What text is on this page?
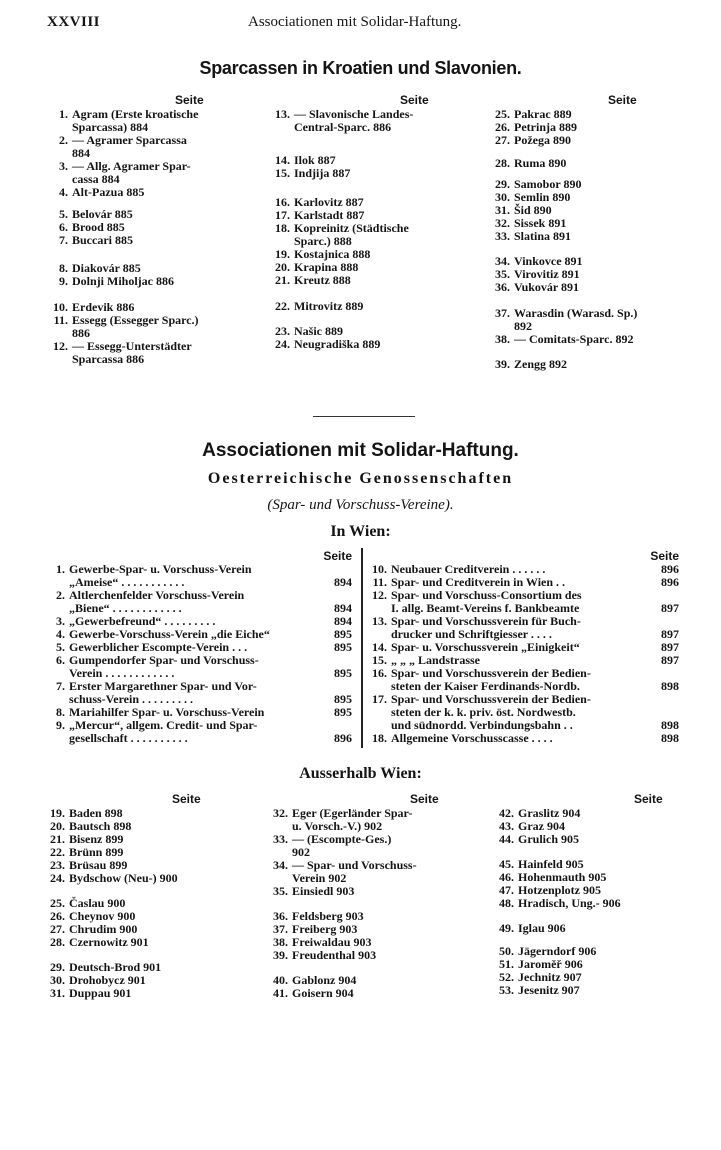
XXVIII	Associationen mit Solidar-Haftung.
Sparcassen in Kroatien und Slavonien.
Seite
1. Agram (Erste kroatische
Sparcassa) 884
2. — Agramer Sparcassa
884
3. — Allg. Agramer Spar-
cassa 884
4. Alt-Pazua 885
5. Belovár 885
6. Brood 885
7. Buccari 885
8. Diakovár 885
9. Dolnji Miholjac 886
10. Erdevik 886
11. Essegg (Essegger Sparc.)
886
12. — Essegg-Unterstädter
Sparcassa 886
Seite
13. — Slavonische Landes-
Central-Sparc. 886
14. Ilok 887
15. Indjija 887
16. Karlovitz 887
17. Karlstadt 887
18. Kopreinitz (Städtische
Sparc.) 888
19. Kostajnica 888
20. Krapina 888
21. Kreutz 888
22. Mitrovitz 889
23. Našic 889
24. Neugradiška 889
Seite
25. Pakrac 889
26. Petrinja 889
27. Požega 890
28. Ruma 890
29. Samobor 890
30. Semlin 890
31. Šid 890
32. Sissek 891
33. Slatina 891
34. Vinkovce 891
35. Virovitiz 891
36. Vukovár 891
37. Warasdin (Warasd. Sp.)
892
38. — Comitats-Sparc. 892
39. Zengg 892
Associationen mit Solidar-Haftung.
Oesterreichische Genossenschaften
(Spar- und Vorschuss-Vereine).
In Wien:
Seite
1. Gewerbe-Spar- u. Vorschuss-Verein
„Ameise“ . . . . . . . . . . .	894
2. Altlerchenfelder Vorschuss-Verein
„Biene“ . . . . . . . . . . . .	894
3. „Gewerbefreund“ . . . . . . . . .	894
4. Gewerbe-Vorschuss-Verein „die Eiche“	895
5. Gewerblicher Escompte-Verein . . .	895
6. Gumpendorfer Spar- und Vorschuss-
Verein . . . . . . . . . . . .	895
7. Erster Margarethner Spar- und Vor-
schuss-Verein . . . . . . . . .	895
8. Mariahilfer Spar- u. Vorschuss-Verein	895
9. „Mercur“, allgem. Credit- und Spar-
gesellschaft . . . . . . . . . .	896
Seite
10. Neubauer Creditverein . . . . . .	896
11. Spar- und Creditverein in Wien . .	896
12. Spar- und Vorschuss-Consortium des
I. allg. Beamt-Vereins f. Bankbeamte	897
13. Spar- und Vorschussverein für Buch-
drucker und Schriftgiesser . . . .	897
14. Spar- u. Vorschussverein „Einigkeit“	897
15. „ „ „ Landstrasse	897
16. Spar- und Vorschussverein der Bedien-
steten der Kaiser Ferdinands-Nordb.	898
17. Spar- und Vorschussverein der Bedien-
steten der k. k. priv. öst. Nordwestb.
und südnordd. Verbindungsbahn . .	898
18. Allgemeine Vorschusscasse . . . .	898
Ausserhalb Wien:
Seite
19. Baden 898
20. Bautsch 898
21. Bisenz 899
22. Brünn 899
23. Brüsau 899
24. Bydschow (Neu-) 900
25. Časlau 900
26. Cheynov 900
27. Chrudim 900
28. Czernowitz 901
29. Deutsch-Brod 901
30. Drohobycz 901
31. Duppau 901
Seite
32. Eger (Egerländer Spar-
u. Vorsch.-V.) 902
33. — (Escompte-Ges.)
902
34. — Spar- und Vorschuss-
Verein 902
35. Einsiedl 903
36. Feldsberg 903
37. Freiberg 903
38. Freiwaldau 903
39. Freudenthal 903
40. Gablonz 904
41. Goisern 904
Seite
42. Graslitz 904
43. Graz 904
44. Grulich 905
45. Hainfeld 905
46. Hohenmauth 905
47. Hotzenplotz 905
48. Hradisch, Ung.- 906
49. Iglau 906
50. Jägerndorf 906
51. Jaroměř 906
52. Jechnitz 907
53. Jesenitz 907
